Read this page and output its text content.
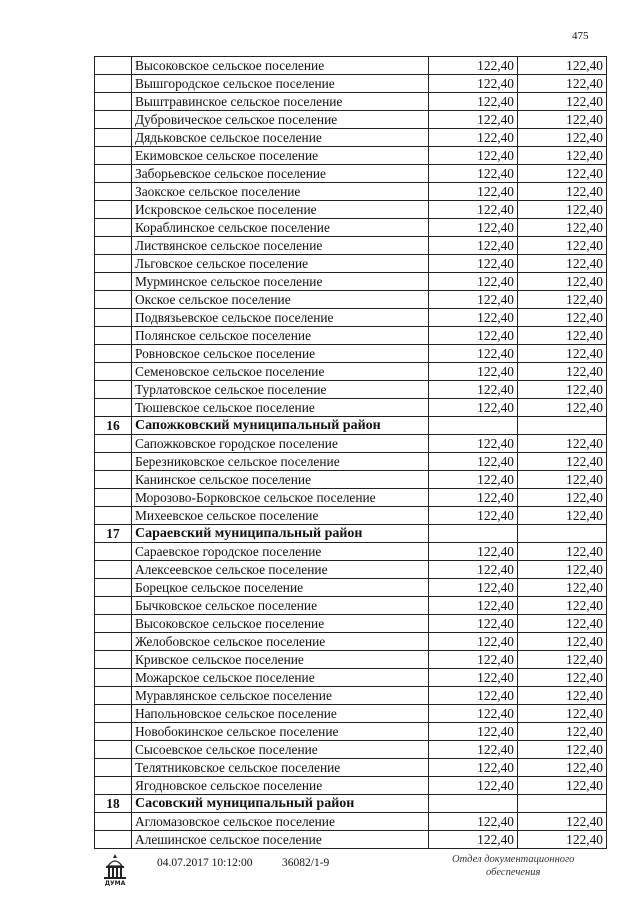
475
	Высоковское сельское поселение	122,40	122,40
	Вышгородское сельское поселение	122,40	122,40
	Выштравинское сельское поселение	122,40	122,40
	Дубровическое сельское поселение	122,40	122,40
	Дядьковское сельское поселение	122,40	122,40
	Екимовское сельское поселение	122,40	122,40
	Заборьевское сельское поселение	122,40	122,40
	Заокское сельское поселение	122,40	122,40
	Искровское сельское поселение	122,40	122,40
	Кораблинское сельское поселение	122,40	122,40
	Листвянское сельское поселение	122,40	122,40
	Льговское сельское поселение	122,40	122,40
	Мурминское сельское поселение	122,40	122,40
	Окское сельское поселение	122,40	122,40
	Подвязьевское сельское поселение	122,40	122,40
	Полянское сельское поселение	122,40	122,40
	Ровновское сельское поселение	122,40	122,40
	Семеновское сельское поселение	122,40	122,40
	Турлатовское сельское поселение	122,40	122,40
	Тюшевское сельское поселение	122,40	122,40
16	Сапожковский муниципальный район		
	Сапожковское городское поселение	122,40	122,40
	Березниковское сельское поселение	122,40	122,40
	Канинское сельское поселение	122,40	122,40
	Морозово-Борковское сельское поселение	122,40	122,40
	Михеевское сельское поселение	122,40	122,40
17	Сараевский муниципальный район		
	Сараевское городское поселение	122,40	122,40
	Алексеевское сельское поселение	122,40	122,40
	Борецкое сельское поселение	122,40	122,40
	Бычковское сельское поселение	122,40	122,40
	Высоковское сельское поселение	122,40	122,40
	Желобовское сельское поселение	122,40	122,40
	Кривское сельское поселение	122,40	122,40
	Можарское сельское поселение	122,40	122,40
	Муравлянское сельское поселение	122,40	122,40
	Напольновское сельское поселение	122,40	122,40
	Новобокинское сельское поселение	122,40	122,40
	Сысоевское сельское поселение	122,40	122,40
	Телятниковское сельское поселение	122,40	122,40
	Ягодновское сельское поселение	122,40	122,40
18	Сасовский муниципальный район		
	Агломазовское сельское поселение	122,40	122,40
	Алешинское сельское поселение	122,40	122,40
ДУМА
04.07.2017 10:12:00	36082/1-9	Отдел документационного
обеспечения
